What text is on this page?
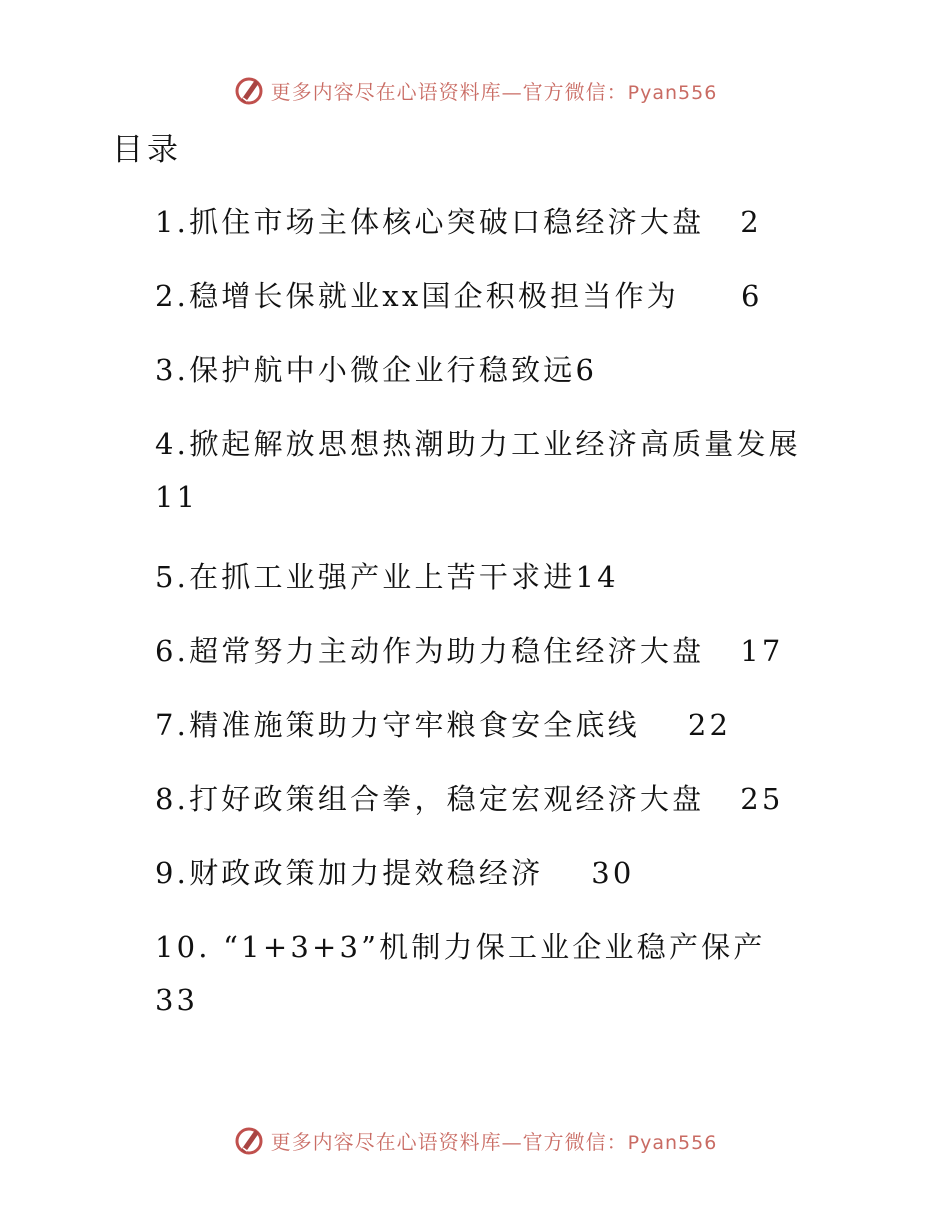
更多内容尽在心语资料库—官方微信：Pyan556
目录
1.抓住市场主体核心突破口稳经济大盘 2
2.稳增长保就业xx国企积极担当作为 6
3.保护航中小微企业行稳致远6
4.掀起解放思想热潮助力工业经济高质量发展
11
5.在抓工业强产业上苦干求进14
6.超常努力主动作为助力稳住经济大盘 17
7.精准施策助力守牢粮食安全底线 22
8.打好政策组合拳，稳定宏观经济大盘 25
9.财政政策加力提效稳经济 30
10. “1+3+3”机制力保工业企业稳产保产
33
更多内容尽在心语资料库—官方微信：Pyan556
